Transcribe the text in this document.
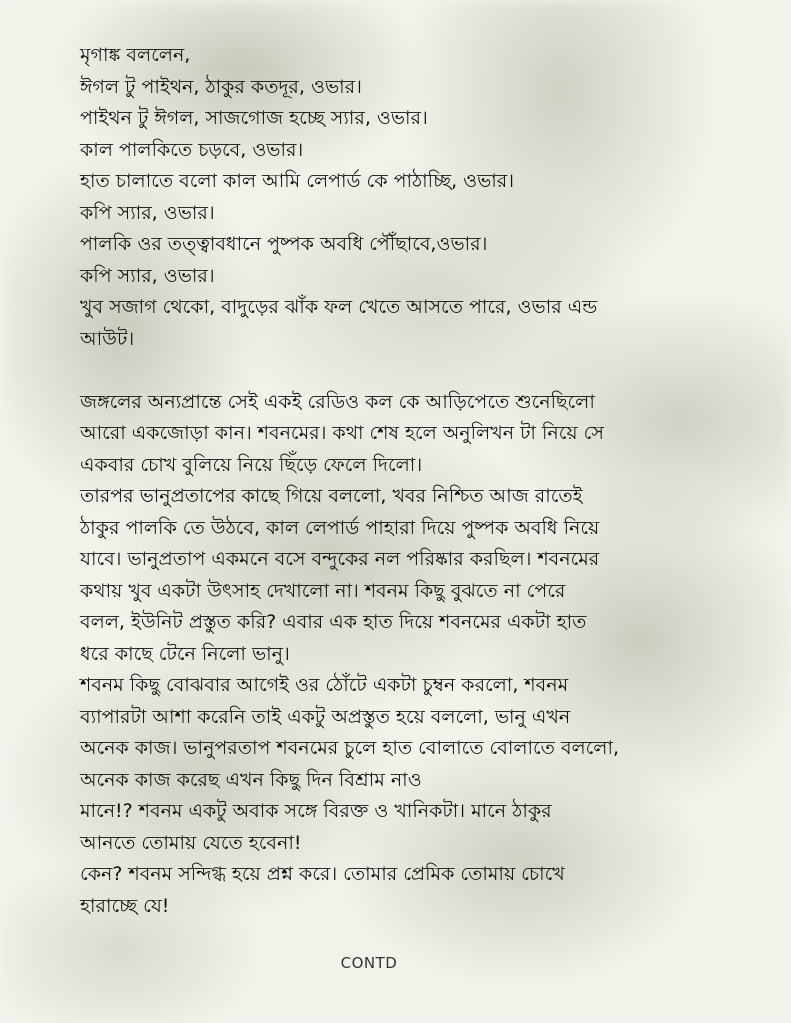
মৃগাঙ্ক বললেন,

ঈগল টু পাইথন, ঠাকুর কতদূর, ওভার।

পাইথন টু ঈগল, সাজগোজ হচ্ছে স্যার, ওভার।

কাল পালকিতে চড়বে, ওভার।

হাত চালাতে বলো কাল আমি লেপার্ড কে পাঠাচ্ছি, ওভার।

কপি স্যার, ওভার।

পালকি ওর তত্ত্বাবধানে পুষ্পক অবধি পৌঁছাবে,ওভার।

কপি স্যার, ওভার।

খুব সজাগ থেকো, বাদুড়ের ঝাঁক ফল খেতে আসতে পারে, ওভার এন্ড

আউট।

জঙ্গলের অন্যপ্রান্তে সেই একই রেডিও কল কে আড়িপেতে শুনেছিলো

আরো একজোড়া কান। শবনমের। কথা শেষ হলে অনুলিখন টা নিয়ে সে

একবার চোখ বুলিয়ে নিয়ে ছিঁড়ে ফেলে দিলো।

তারপর ভানুপ্রতাপের কাছে গিয়ে বললো, খবর নিশ্চিত আজ রাতেই

ঠাকুর পালকি তে উঠবে, কাল লেপার্ড পাহারা দিয়ে পুষ্পক অবধি নিয়ে

যাবে। ভানুপ্রতাপ একমনে বসে বন্দুকের নল পরিষ্কার করছিল। শবনমের

কথায় খুব একটা উৎসাহ দেখালো না। শবনম কিছু বুঝতে না পেরে

বলল, ইউনিট প্রস্তুত করি? এবার এক হাত দিয়ে শবনমের একটা হাত

ধরে কাছে টেনে নিলো ভানু।

শবনম কিছু বোঝবার আগেই ওর ঠোঁটে একটা চুম্বন করলো, শবনম

ব্যাপারটা আশা করেনি তাই একটু অপ্রস্তুত হয়ে বললো, ভানু এখন

অনেক কাজ। ভানুপরতাপ শবনমের চুলে হাত বোলাতে বোলাতে বললো,

অনেক কাজ করেছ এখন কিছু দিন বিশ্রাম নাও

মানে!? শবনম একটু অবাক সঙ্গে বিরক্ত ও খানিকটা। মানে ঠাকুর

আনতে তোমায় যেতে হবেনা!

কেন? শবনম সন্দিগ্ধ হয়ে প্রশ্ন করে। তোমার প্রেমিক তোমায় চোখে

হারাচ্ছে যে!

CONTD
